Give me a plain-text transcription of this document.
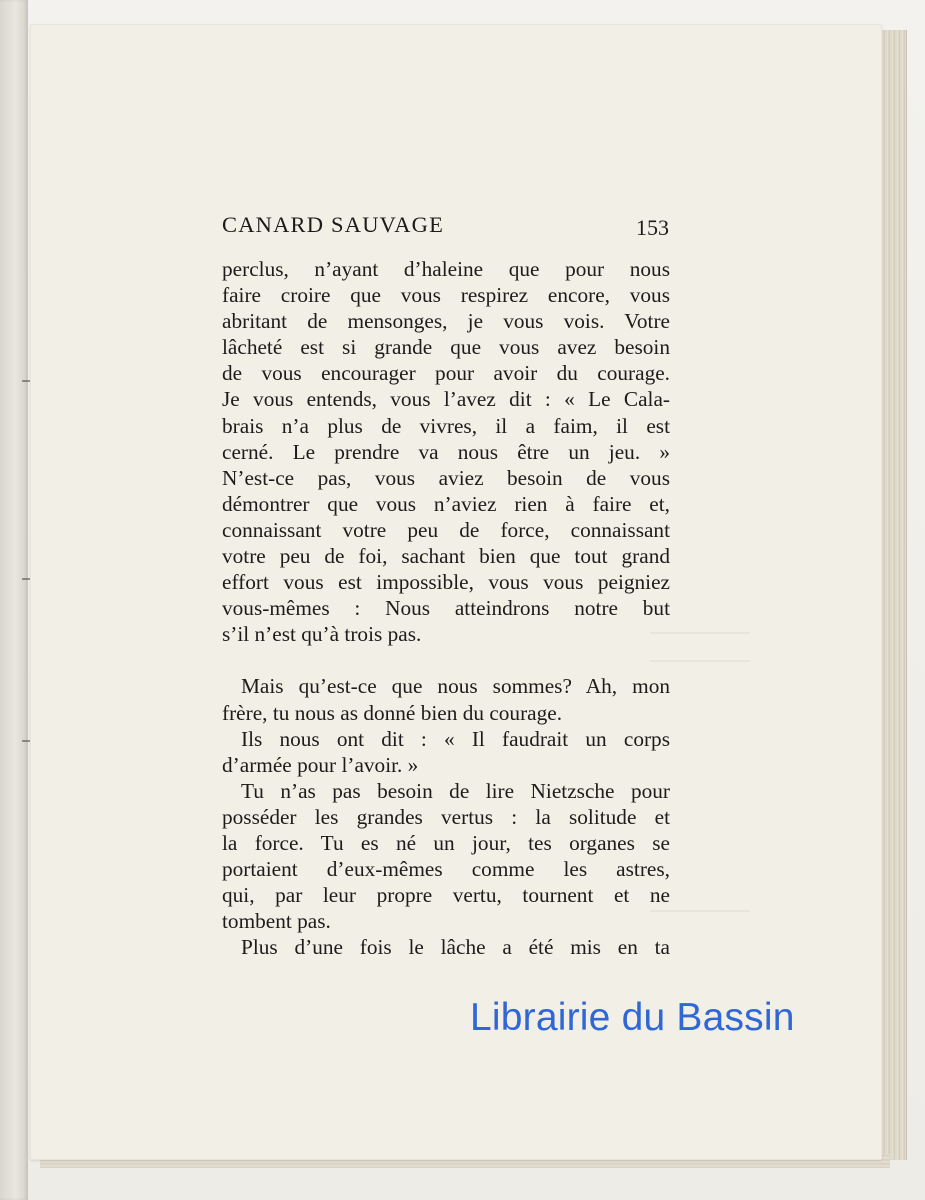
CANARD SAUVAGE	153
perclus, n’ayant d’haleine que pour nous
faire croire que vous respirez encore, vous
abritant de mensonges, je vous vois. Votre
lâcheté est si grande que vous avez besoin
de vous encourager pour avoir du courage.
Je vous entends, vous l’avez dit : « Le Cala-
brais n’a plus de vivres, il a faim, il est
cerné. Le prendre va nous être un jeu. »
N’est-ce pas, vous aviez besoin de vous
démontrer que vous n’aviez rien à faire et,
connaissant votre peu de force, connaissant
votre peu de foi, sachant bien que tout grand
effort vous est impossible, vous vous peigniez
vous-mêmes : Nous atteindrons notre but
s’il n’est qu’à trois pas.
Mais qu’est-ce que nous sommes? Ah, mon
frère, tu nous as donné bien du courage.
Ils nous ont dit : « Il faudrait un corps
d’armée pour l’avoir. »
Tu n’as pas besoin de lire Nietzsche pour
posséder les grandes vertus : la solitude et
la force. Tu es né un jour, tes organes se
portaient d’eux-mêmes comme les astres,
qui, par leur propre vertu, tournent et ne
tombent pas.
Plus d’une fois le lâche a été mis en ta
Librairie du Bassin
